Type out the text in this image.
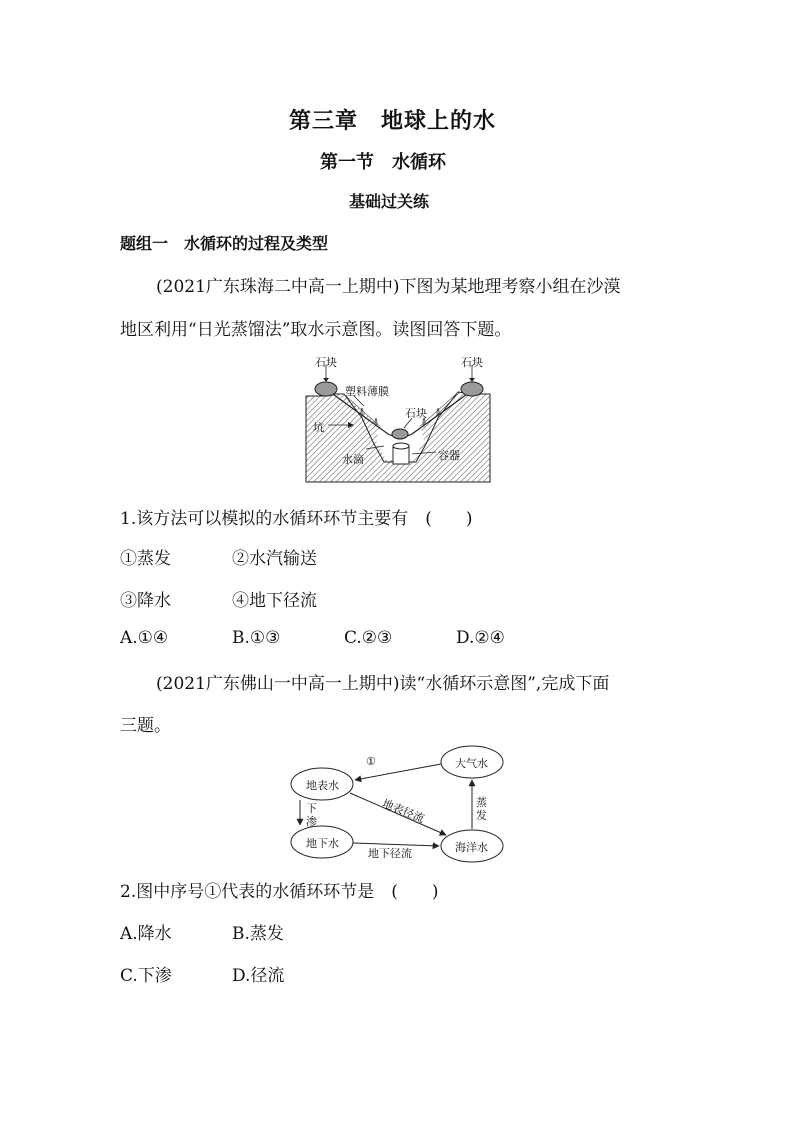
第三章　地球上的水
第一节　水循环
基础过关练
题组一　水循环的过程及类型
(2021广东珠海二中高一上期中)下图为某地理考察小组在沙漠
地区利用“日光蒸馏法”取水示意图。读图回答下题。
石块	石块
塑料薄膜
石块
坑
容器
水滴
1.该方法可以模拟的水循环环节主要有　(　　)
①蒸发	②水汽输送
③降水	④地下径流
A.①④	B.①③	C.②③	D.②④
(2021广东佛山一中高一上期中)读“水循环示意图”,完成下面
三题。
地表水
大气水
地下水	海洋水
①
下
渗	地表径流
地下径流
蒸
发
2.图中序号①代表的水循环环节是　(　　)
A.降水	B.蒸发
C.下渗	D.径流
